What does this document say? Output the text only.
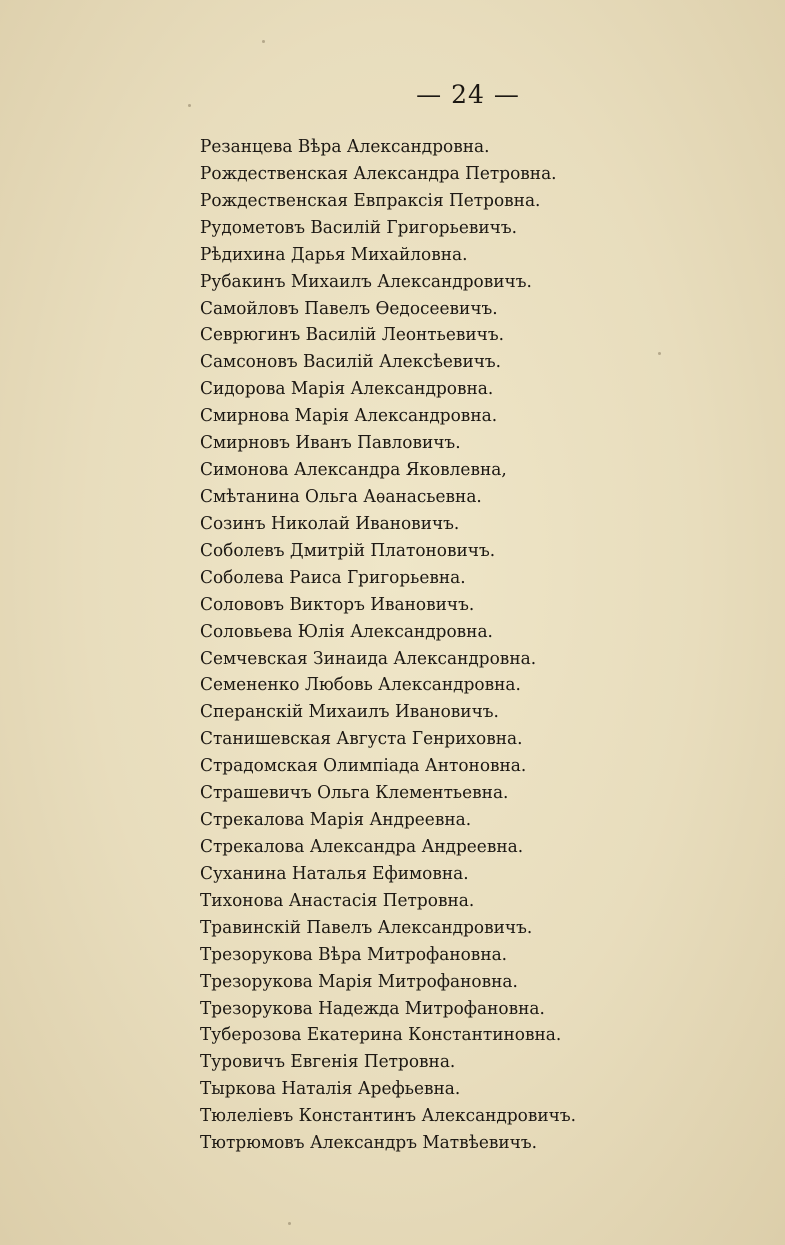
— 24 —
Резанцева Вѣра Александровна.
Рождественская Александра Петровна.
Рождественская Евпраксія Петровна.
Рудометовъ Василій Григорьевичъ.
Рѣдихина Дарья Михайловна.
Рубакинъ Михаилъ Александровичъ.
Самойловъ Павелъ Ѳедосеевичъ.
Севрюгинъ Василій Леонтьевичъ.
Самсоновъ Василій Алексѣевичъ.
Сидорова Марія Александровна.
Смирнова Марія Александровна.
Смирновъ Иванъ Павловичъ.
Симонова Александра Яковлевна,
Смѣтанина Ольга Аѳанасьевна.
Созинъ Николай Ивановичъ.
Соболевъ Дмитрій Платоновичъ.
Соболева Раиса Григорьевна.
Солововъ Викторъ Ивановичъ.
Соловьева Юлія Александровна.
Семчевская Зинаида Александровна.
Семененко Любовь Александровна.
Сперанскій Михаилъ Ивановичъ.
Станишевская Августа Генриховна.
Страдомская Олимпіада Антоновна.
Страшевичъ Ольга Клементьевна.
Стрекалова Марія Андреевна.
Стрекалова Александра Андреевна.
Суханина Наталья Ефимовна.
Тихонова Анастасія Петровна.
Травинскій Павелъ Александровичъ.
Трезорукова Вѣра Митрофановна.
Трезорукова Марія Митрофановна.
Трезорукова Надежда Митрофановна.
Туберозова Екатерина Константиновна.
Туровичъ Евгенія Петровна.
Тыркова Наталія Арефьевна.
Тюлеліевъ Константинъ Александровичъ.
Тютрюмовъ Александръ Матвѣевичъ.
